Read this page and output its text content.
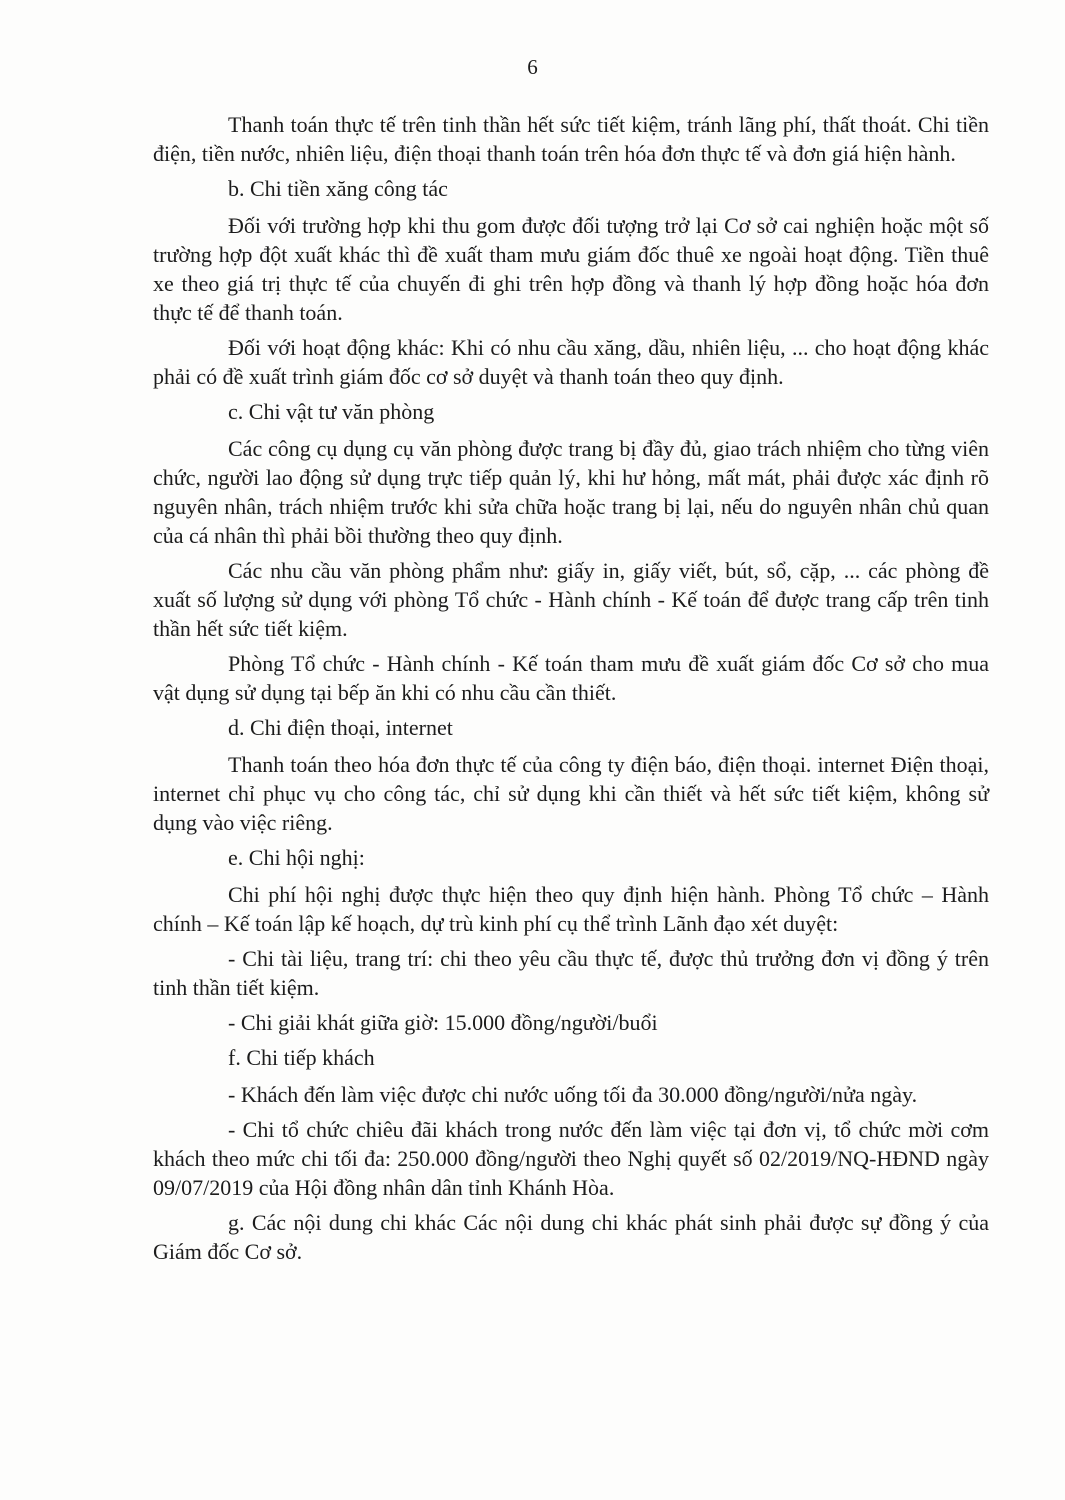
6

Thanh toán thực tế trên tinh thần hết sức tiết kiệm, tránh lãng phí, thất thoát. Chi tiền điện, tiền nước, nhiên liệu, điện thoại thanh toán trên hóa đơn thực tế và đơn giá hiện hành.

b. Chi tiền xăng công tác

Đối với trường hợp khi thu gom được đối tượng trở lại Cơ sở cai nghiện hoặc một số trường hợp đột xuất khác thì đề xuất tham mưu giám đốc thuê xe ngoài hoạt động. Tiền thuê xe theo giá trị thực tế của chuyến đi ghi trên hợp đồng và thanh lý hợp đồng hoặc hóa đơn thực tế để thanh toán.

Đối với hoạt động khác: Khi có nhu cầu xăng, dầu, nhiên liệu, ... cho hoạt động khác phải có đề xuất trình giám đốc cơ sở duyệt và thanh toán theo quy định.

c. Chi vật tư văn phòng

Các công cụ dụng cụ văn phòng được trang bị đầy đủ, giao trách nhiệm cho từng viên chức, người lao động sử dụng trực tiếp quản lý, khi hư hỏng, mất mát, phải được xác định rõ nguyên nhân, trách nhiệm trước khi sửa chữa hoặc trang bị lại, nếu do nguyên nhân chủ quan của cá nhân thì phải bồi thường theo quy định.

Các nhu cầu văn phòng phẩm như: giấy in, giấy viết, bút, sổ, cặp, ... các phòng đề xuất số lượng sử dụng với phòng Tổ chức - Hành chính - Kế toán để được trang cấp trên tinh thần hết sức tiết kiệm.

Phòng Tổ chức - Hành chính - Kế toán tham mưu đề xuất giám đốc Cơ sở cho mua vật dụng sử dụng tại bếp ăn khi có nhu cầu cần thiết.

d. Chi điện thoại, internet

Thanh toán theo hóa đơn thực tế của công ty điện báo, điện thoại. internet Điện thoại, internet chỉ phục vụ cho công tác, chỉ sử dụng khi cần thiết và hết sức tiết kiệm, không sử dụng vào việc riêng.

e. Chi hội nghị:

Chi phí hội nghị được thực hiện theo quy định hiện hành. Phòng Tổ chức – Hành chính – Kế toán lập kế hoạch, dự trù kinh phí cụ thể trình Lãnh đạo xét duyệt:

- Chi tài liệu, trang trí: chi theo yêu cầu thực tế, được thủ trưởng đơn vị đồng ý trên tinh thần tiết kiệm.

- Chi giải khát giữa giờ: 15.000 đồng/người/buổi

f. Chi tiếp khách

- Khách đến làm việc được chi nước uống tối đa 30.000 đồng/người/nửa ngày.

- Chi tổ chức chiêu đãi khách trong nước đến làm việc tại đơn vị, tổ chức mời cơm khách theo mức chi tối đa: 250.000 đồng/người theo Nghị quyết số 02/2019/NQ-HĐND ngày 09/07/2019 của Hội đồng nhân dân tỉnh Khánh Hòa.

g. Các nội dung chi khác Các nội dung chi khác phát sinh phải được sự đồng ý của Giám đốc Cơ sở.
